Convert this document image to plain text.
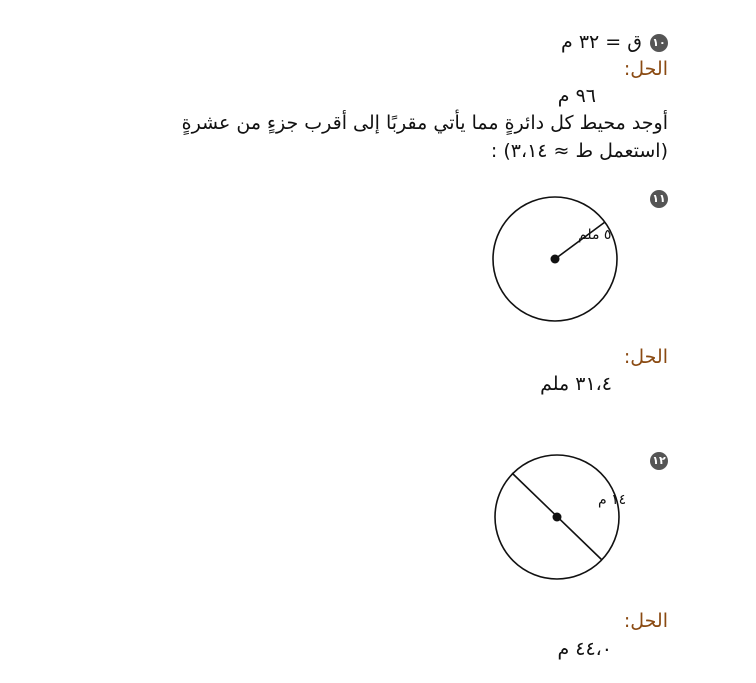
١٠
ق = ٣٢ م
الحل:
٩٦ م
أوجد محيط كل دائرةٍ مما يأتي مقربًا إلى أقرب جزءٍ من عشرةٍ
(استعمل ط ≈ ٣،١٤) :
١١
٥ ملم
الحل:
٣١،٤ ملم
١٢
١٤ م
الحل:
٤٤،٠ م
